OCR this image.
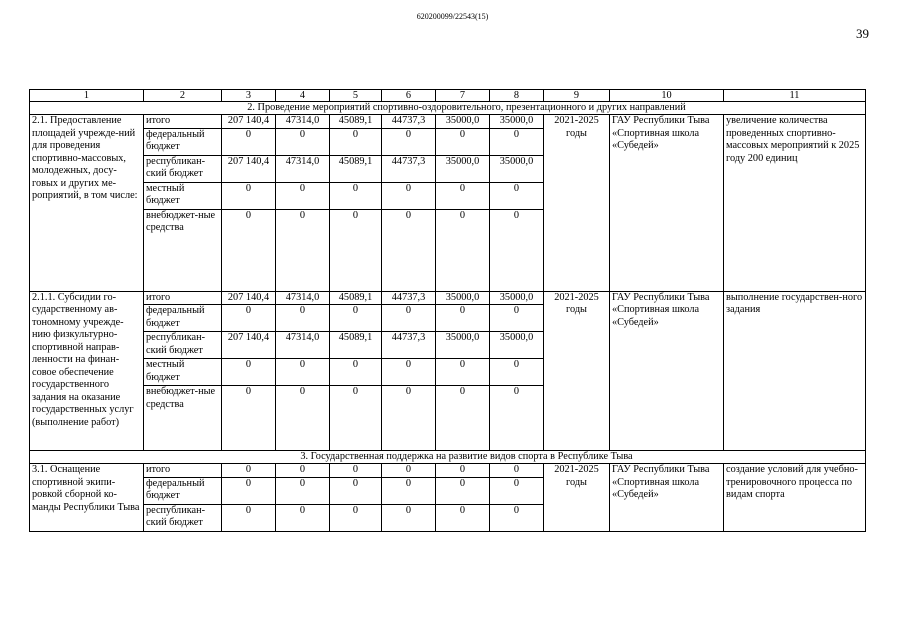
620200099/22543(15)
39
1	2	3	4	5	6	7	8	9	10	11
2. Проведение мероприятий спортивно-оздоровительного, презентационного и других направлений										
2.1. Предоставление площадей учрежде-ний для проведения спортивно-массовых, молодежных, досу-говых и других ме-роприятий, в том числе:	итого	207 140,4	47314,0	45089,1	44737,3	35000,0	35000,0	2021-2025 годы	ГАУ Республики Тыва «Спортивная школа «Субедей»	увеличение количества проведенных спортивно-массовых мероприятий к 2025 году 200 единиц
	федеральный бюджет	0	0	0	0	0	0			
	республикан-ский бюджет	207 140,4	47314,0	45089,1	44737,3	35000,0	35000,0			
	местный бюджет	0	0	0	0	0	0			
	внебюджет-ные средства	0	0	0	0	0	0			
2.1.1. Субсидии го-сударственному ав-тономному учрежде-нию физкультурно-спортивной направ-ленности на финан-совое обеспечение государственного задания на оказание государственных услуг (выполнение работ)	итого	207 140,4	47314,0	45089,1	44737,3	35000,0	35000,0	2021-2025 годы	ГАУ Республики Тыва «Спортивная школа «Субедей»	выполнение государствен-ного задания
	федеральный бюджет	0	0	0	0	0	0			
	республикан-ский бюджет	207 140,4	47314,0	45089,1	44737,3	35000,0	35000,0			
	местный бюджет	0	0	0	0	0	0			
	внебюджет-ные средства	0	0	0	0	0	0			
3. Государственная поддержка на развитие видов спорта в Республике Тыва										
3.1. Оснащение спортивной экипи-ровкой сборной ко-манды Республики Тыва	итого	0	0	0	0	0	0	2021-2025 годы	ГАУ Республики Тыва «Спортивная школа «Субедей»	создание условий для учебно-тренировочного процесса по видам спорта
	федеральный бюджет	0	0	0	0	0	0			
	республикан-ский бюджет	0	0	0	0	0	0			
